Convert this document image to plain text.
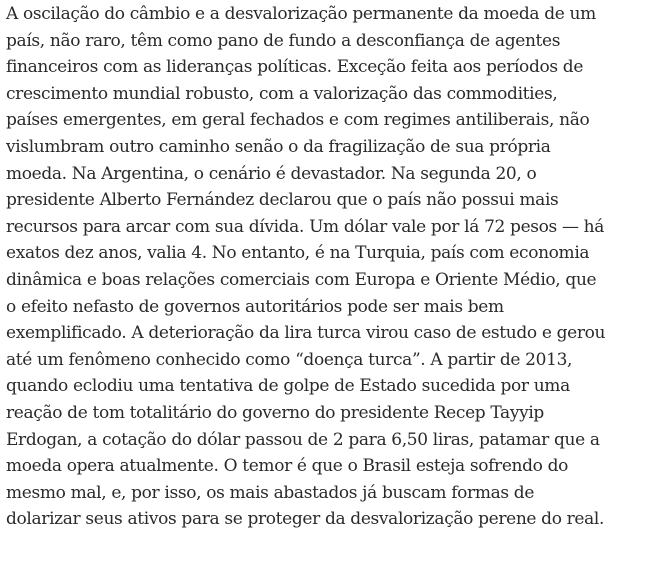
A oscilação do câmbio e a desvalorização permanente da moeda de um
país, não raro, têm como pano de fundo a desconfiança de agentes
financeiros com as lideranças políticas. Exceção feita aos períodos de
crescimento mundial robusto, com a valorização das commodities,
países emergentes, em geral fechados e com regimes antiliberais, não
vislumbram outro caminho senão o da fragilização de sua própria
moeda. Na Argentina, o cenário é devastador. Na segunda 20, o
presidente Alberto Fernández declarou que o país não possui mais
recursos para arcar com sua dívida. Um dólar vale por lá 72 pesos — há
exatos dez anos, valia 4. No entanto, é na Turquia, país com economia
dinâmica e boas relações comerciais com Europa e Oriente Médio, que
o efeito nefasto de governos autoritários pode ser mais bem
exemplificado. A deterioração da lira turca virou caso de estudo e gerou
até um fenômeno conhecido como “doença turca”. A partir de 2013,
quando eclodiu uma tentativa de golpe de Estado sucedida por uma
reação de tom totalitário do governo do presidente Recep Tayyip
Erdogan, a cotação do dólar passou de 2 para 6,50 liras, patamar que a
moeda opera atualmente. O temor é que o Brasil esteja sofrendo do
mesmo mal, e, por isso, os mais abastados já buscam formas de
dolarizar seus ativos para se proteger da desvalorização perene do real.
